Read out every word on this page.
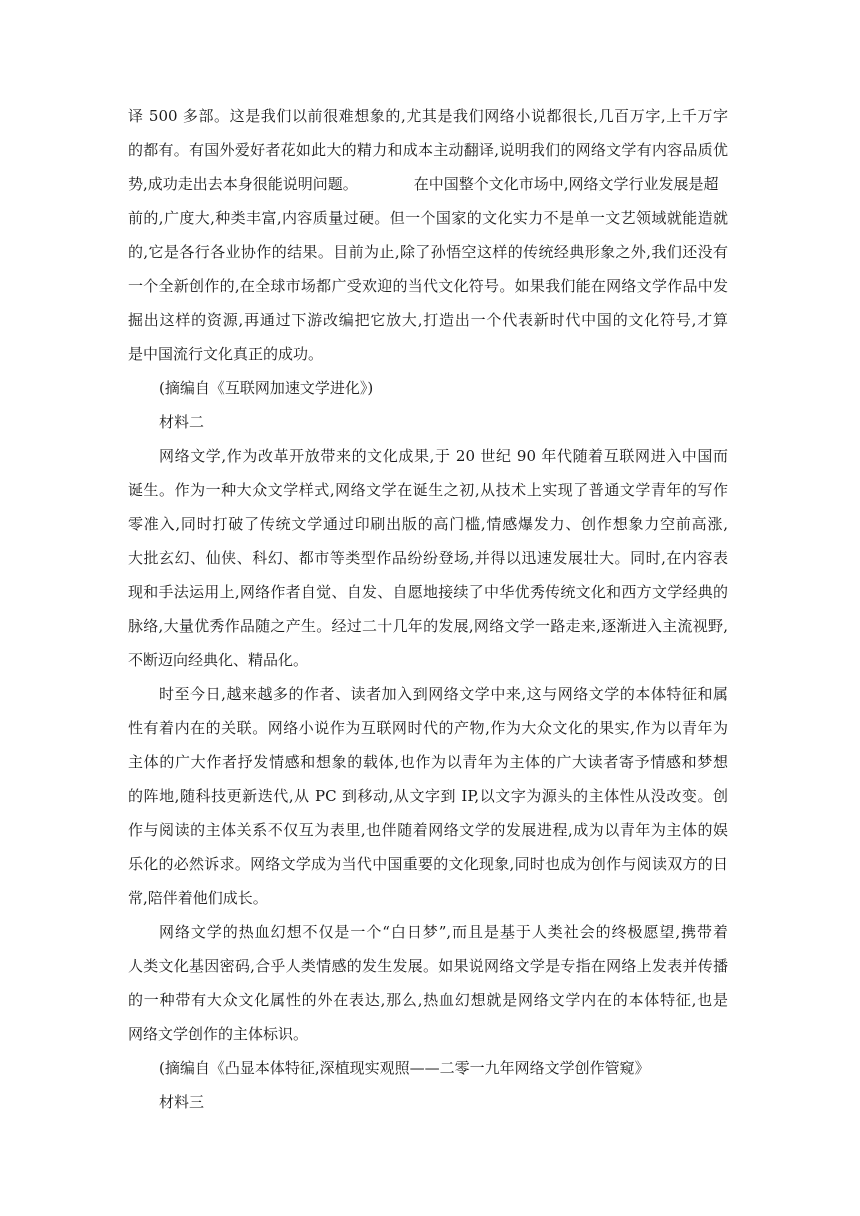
译 500 多部。这是我们以前很难想象的,尤其是我们网络小说都很长,几百万字,上千万字
的都有。有国外爱好者花如此大的精力和成本主动翻译,说明我们的网络文学有内容品质优
势,成功走出去本身很能说明问题。	在中国整个文化市场中,网络文学行业发展是超
前的,广度大,种类丰富,内容质量过硬。但一个国家的文化实力不是单一文艺领域就能造就
的,它是各行各业协作的结果。目前为止,除了孙悟空这样的传统经典形象之外,我们还没有
一个全新创作的,在全球市场都广受欢迎的当代文化符号。如果我们能在网络文学作品中发
掘出这样的资源,再通过下游改编把它放大,打造出一个代表新时代中国的文化符号,才算
是中国流行文化真正的成功。
(摘编自《互联网加速文学进化》)
材料二
网络文学,作为改革开放带来的文化成果,于 20 世纪 90 年代随着互联网进入中国而
诞生。作为一种大众文学样式,网络文学在诞生之初,从技术上实现了普通文学青年的写作
零准入,同时打破了传统文学通过印刷出版的高门槛,情感爆发力、创作想象力空前高涨,
大批玄幻、仙侠、科幻、都市等类型作品纷纷登场,并得以迅速发展壮大。同时,在内容表
现和手法运用上,网络作者自觉、自发、自愿地接续了中华优秀传统文化和西方文学经典的
脉络,大量优秀作品随之产生。经过二十几年的发展,网络文学一路走来,逐渐进入主流视野,
不断迈向经典化、精品化。
时至今日,越来越多的作者、读者加入到网络文学中来,这与网络文学的本体特征和属
性有着内在的关联。网络小说作为互联网时代的产物,作为大众文化的果实,作为以青年为
主体的广大作者抒发情感和想象的载体,也作为以青年为主体的广大读者寄予情感和梦想
的阵地,随科技更新迭代,从 PC 到移动,从文字到 IP,以文字为源头的主体性从没改变。创
作与阅读的主体关系不仅互为表里,也伴随着网络文学的发展进程,成为以青年为主体的娱
乐化的必然诉求。网络文学成为当代中国重要的文化现象,同时也成为创作与阅读双方的日
常,陪伴着他们成长。
网络文学的热血幻想不仅是一个“白日梦”,而且是基于人类社会的终极愿望,携带着
人类文化基因密码,合乎人类情感的发生发展。如果说网络文学是专指在网络上发表并传播
的一种带有大众文化属性的外在表达,那么,热血幻想就是网络文学内在的本体特征,也是
网络文学创作的主体标识。
(摘编自《凸显本体特征,深植现实观照——二零一九年网络文学创作管窥》
材料三
